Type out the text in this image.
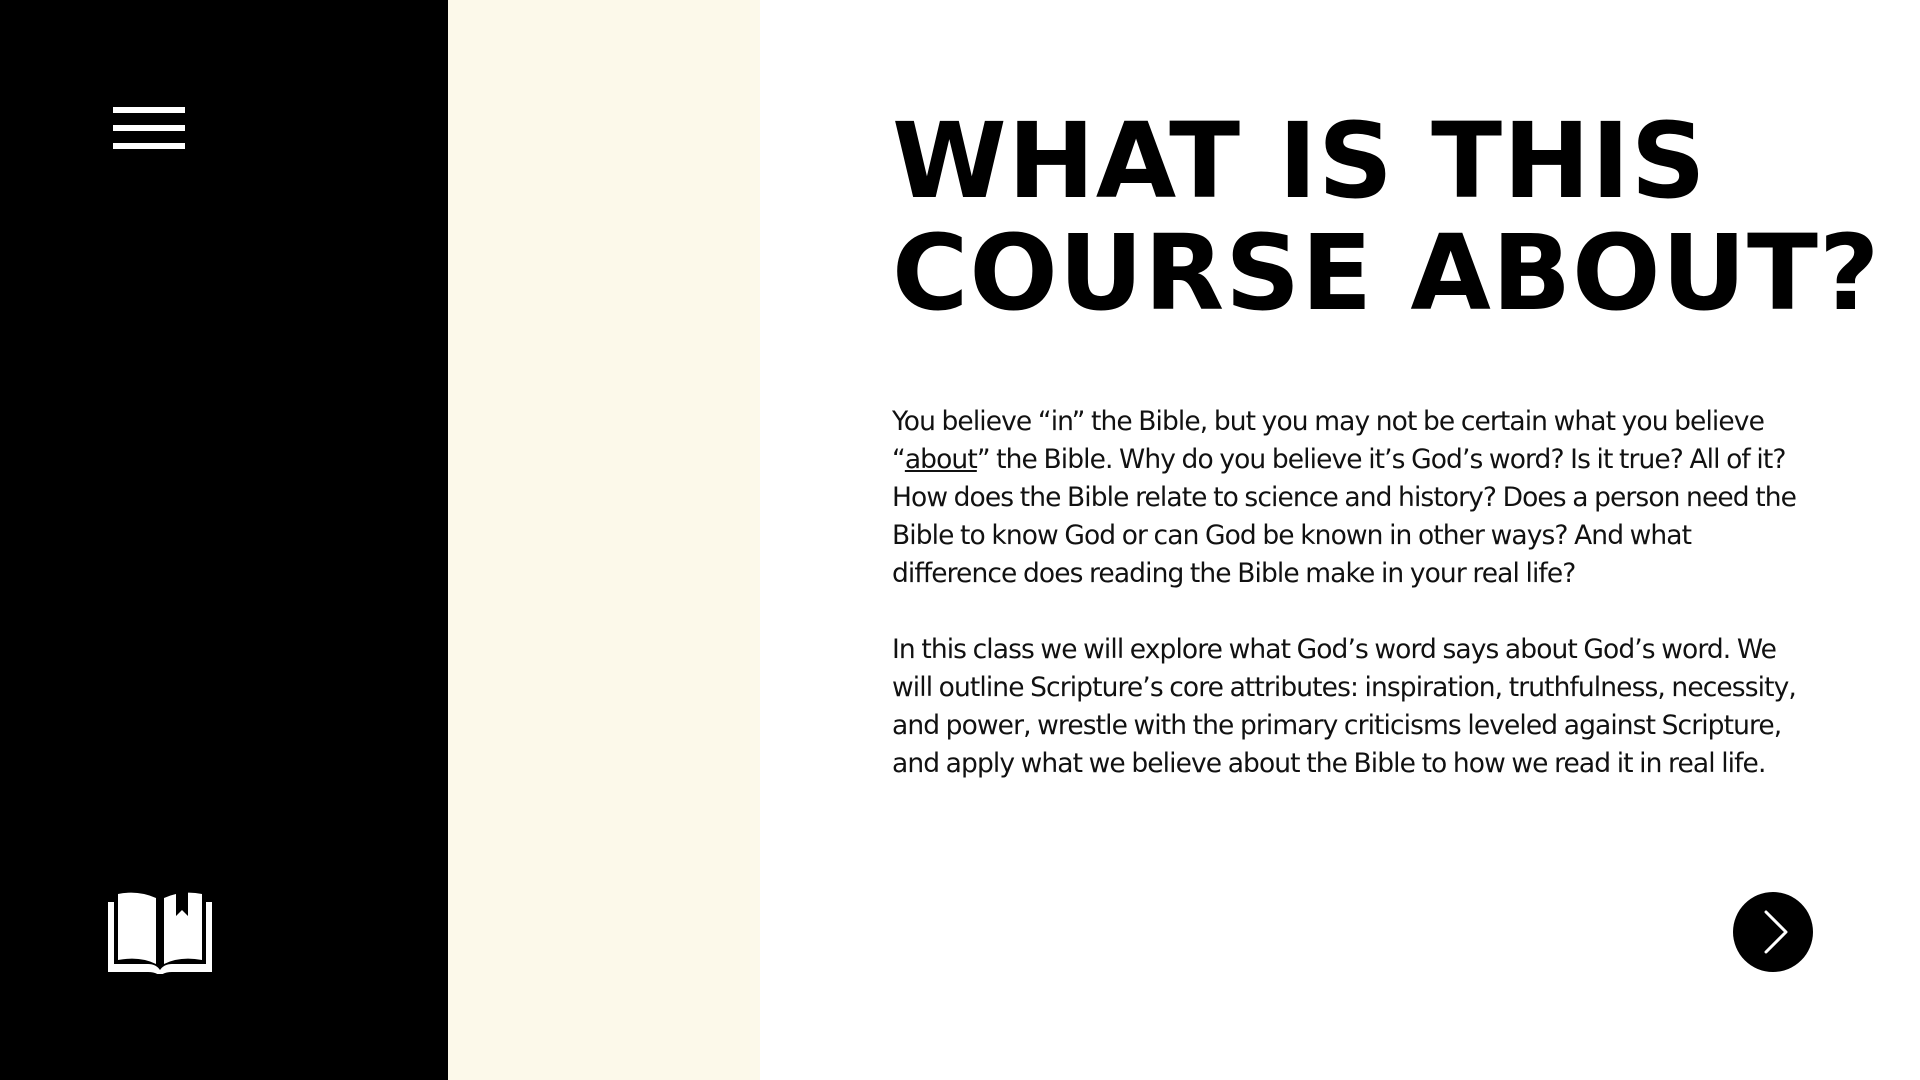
WHAT IS THIS
COURSE ABOUT?

You believe “in” the Bible, but you may not be certain what you believe “about” the Bible. Why do you believe it’s God’s word? Is it true? All of it? How does the Bible relate to science and history? Does a person need the Bible to know God or can God be known in other ways? And what difference does reading the Bible make in your real life?

In this class we will explore what God’s word says about God’s word. We will outline Scripture’s core attributes: inspiration, truthfulness, necessity, and power, wrestle with the primary criticisms leveled against Scripture, and apply what we believe about the Bible to how we read it in real life.
